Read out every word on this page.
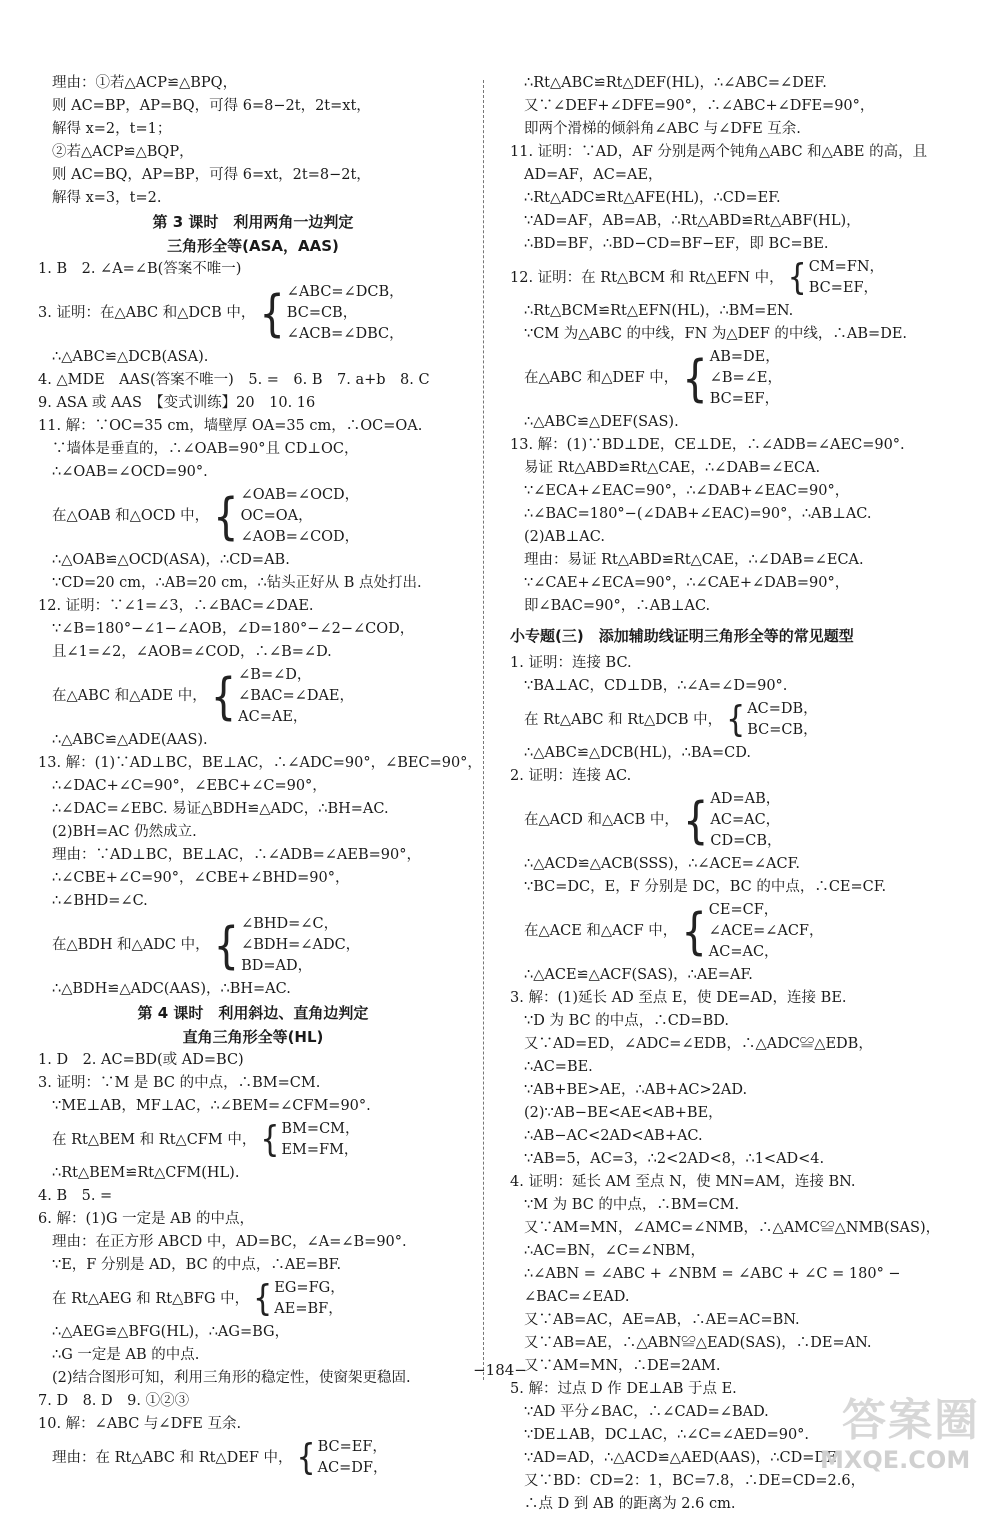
理由：①若△ACP≌△BPQ，
则 AC=BP，AP=BQ，可得 6=8−2t，2t=xt，
解得 x=2，t=1；
②若△ACP≌△BQP，
则 AC=BQ，AP=BP，可得 6=xt，2t=8−2t，
解得 x=3，t=2.
第 3 课时　利用两角一边判定
三角形全等(ASA，AAS)
1. B　2. ∠A=∠B(答案不唯一)
3. 证明：在△ABC 和△DCB 中， { ∠ABC=∠DCB，
BC=CB，
∠ACB=∠DBC，
∴△ABC≌△DCB(ASA).
4. △MDE　AAS(答案不唯一)　5. =　6. B　7. a+b　8. C
9. ASA 或 AAS　【变式训练】20　10. 16
11. 解：∵OC=35 cm，墙壁厚 OA=35 cm，∴OC=OA.
∵墙体是垂直的，∴∠OAB=90°且 CD⊥OC，
∴∠OAB=∠OCD=90°.
在△OAB 和△OCD 中， { ∠OAB=∠OCD，
OC=OA，
∠AOB=∠COD，
∴△OAB≌△OCD(ASA)，∴CD=AB.
∵CD=20 cm，∴AB=20 cm，∴钻头正好从 B 点处打出.
12. 证明：∵∠1=∠3，∴∠BAC=∠DAE.
∵∠B=180°−∠1−∠AOB，∠D=180°−∠2−∠COD，
且∠1=∠2，∠AOB=∠COD，∴∠B=∠D.
在△ABC 和△ADE 中， { ∠B=∠D，
∠BAC=∠DAE，
AC=AE，
∴△ABC≌△ADE(AAS).
13. 解：(1)∵AD⊥BC，BE⊥AC，∴∠ADC=90°，∠BEC=90°，
∴∠DAC+∠C=90°，∠EBC+∠C=90°，
∴∠DAC=∠EBC. 易证△BDH≌△ADC，∴BH=AC.
(2)BH=AC 仍然成立.
理由：∵AD⊥BC，BE⊥AC，∴∠ADB=∠AEB=90°，
∴∠CBE+∠C=90°，∠CBE+∠BHD=90°，
∴∠BHD=∠C.
在△BDH 和△ADC 中， { ∠BHD=∠C，
∠BDH=∠ADC，
BD=AD，
∴△BDH≌△ADC(AAS)，∴BH=AC.
第 4 课时　利用斜边、直角边判定
直角三角形全等(HL)
1. D　2. AC=BD(或 AD=BC)
3. 证明：∵M 是 BC 的中点，∴BM=CM.
∵ME⊥AB，MF⊥AC，∴∠BEM=∠CFM=90°.
在 Rt△BEM 和 Rt△CFM 中， { BM=CM，
EM=FM，
∴Rt△BEM≌Rt△CFM(HL).
4. B　5. =
6. 解：(1)G 一定是 AB 的中点，
理由：在正方形 ABCD 中，AD=BC，∠A=∠B=90°.
∵E，F 分别是 AD，BC 的中点，∴AE=BF.
在 Rt△AEG 和 Rt△BFG 中， { EG=FG，
AE=BF，
∴△AEG≌△BFG(HL)，∴AG=BG，
∴G 一定是 AB 的中点.
(2)结合图形可知，利用三角形的稳定性，使窗架更稳固.
7. D　8. D　9. ①②③
10. 解：∠ABC 与∠DFE 互余.
理由：在 Rt△ABC 和 Rt△DEF 中， { BC=EF，
AC=DF，
∴Rt△ABC≌Rt△DEF(HL)，∴∠ABC=∠DEF.
又∵∠DEF+∠DFE=90°，∴∠ABC+∠DFE=90°，
即两个滑梯的倾斜角∠ABC 与∠DFE 互余.
11. 证明：∵AD，AF 分别是两个钝角△ABC 和△ABE 的高，且
AD=AF，AC=AE，
∴Rt△ADC≌Rt△AFE(HL)，∴CD=EF.
∵AD=AF，AB=AB，∴Rt△ABD≌Rt△ABF(HL)，
∴BD=BF，∴BD−CD=BF−EF，即 BC=BE.
12. 证明：在 Rt△BCM 和 Rt△EFN 中， { CM=FN，
BC=EF，
∴Rt△BCM≌Rt△EFN(HL)，∴BM=EN.
∵CM 为△ABC 的中线，FN 为△DEF 的中线，∴AB=DE.
在△ABC 和△DEF 中， { AB=DE，
∠B=∠E，
BC=EF，
∴△ABC≌△DEF(SAS).
13. 解：(1)∵BD⊥DE，CE⊥DE，∴∠ADB=∠AEC=90°.
易证 Rt△ABD≌Rt△CAE，∴∠DAB=∠ECA.
∵∠ECA+∠EAC=90°，∴∠DAB+∠EAC=90°，
∴∠BAC=180°−(∠DAB+∠EAC)=90°，∴AB⊥AC.
(2)AB⊥AC.
理由：易证 Rt△ABD≌Rt△CAE，∴∠DAB=∠ECA.
∵∠CAE+∠ECA=90°，∴∠CAE+∠DAB=90°，
即∠BAC=90°，∴AB⊥AC.
小专题(三)　添加辅助线证明三角形全等的常见题型
1. 证明：连接 BC.
∵BA⊥AC，CD⊥DB，∴∠A=∠D=90°.
在 Rt△ABC 和 Rt△DCB 中， { AC=DB，
BC=CB，
∴△ABC≌△DCB(HL)，∴BA=CD.
2. 证明：连接 AC.
在△ACD 和△ACB 中， { AD=AB，
AC=AC，
CD=CB，
∴△ACD≌△ACB(SSS)，∴∠ACE=∠ACF.
∵BC=DC，E，F 分别是 DC，BC 的中点，∴CE=CF.
在△ACE 和△ACF 中， { CE=CF，
∠ACE=∠ACF，
AC=AC，
∴△ACE≌△ACF(SAS)，∴AE=AF.
3. 解：(1)延长 AD 至点 E，使 DE=AD，连接 BE.
∵D 为 BC 的中点，∴CD=BD.
又∵AD=ED，∠ADC=∠EDB，∴△ADC≌△EDB，
∴AC=BE.
∵AB+BE>AE，∴AB+AC>2AD.
(2)∵AB−BE<AE<AB+BE，
∴AB−AC<2AD<AB+AC.
∵AB=5，AC=3，∴2<2AD<8，∴1<AD<4.
4. 证明：延长 AM 至点 N，使 MN=AM，连接 BN.
∵M 为 BC 的中点，∴BM=CM.
又∵AM=MN，∠AMC=∠NMB，∴△AMC≌△NMB(SAS)，
∴AC=BN，∠C=∠NBM，
∴∠ABN = ∠ABC + ∠NBM = ∠ABC + ∠C = 180° −
∠BAC=∠EAD.
又∵AB=AC，AE=AB，∴AE=AC=BN.
又∵AB=AE，∴△ABN≌△EAD(SAS)，∴DE=AN.
又∵AM=MN，∴DE=2AM.
5. 解：过点 D 作 DE⊥AB 于点 E.
∵AD 平分∠BAC，∴∠CAD=∠BAD.
∵DE⊥AB，DC⊥AC，∴∠C=∠AED=90°.
∵AD=AD，∴△ACD≌△AED(AAS)，∴CD=DE.
又∵BD：CD=2：1，BC=7.8，∴DE=CD=2.6，
∴点 D 到 AB 的距离为 2.6 cm.
−184−
答案圈
MXQE.COM
